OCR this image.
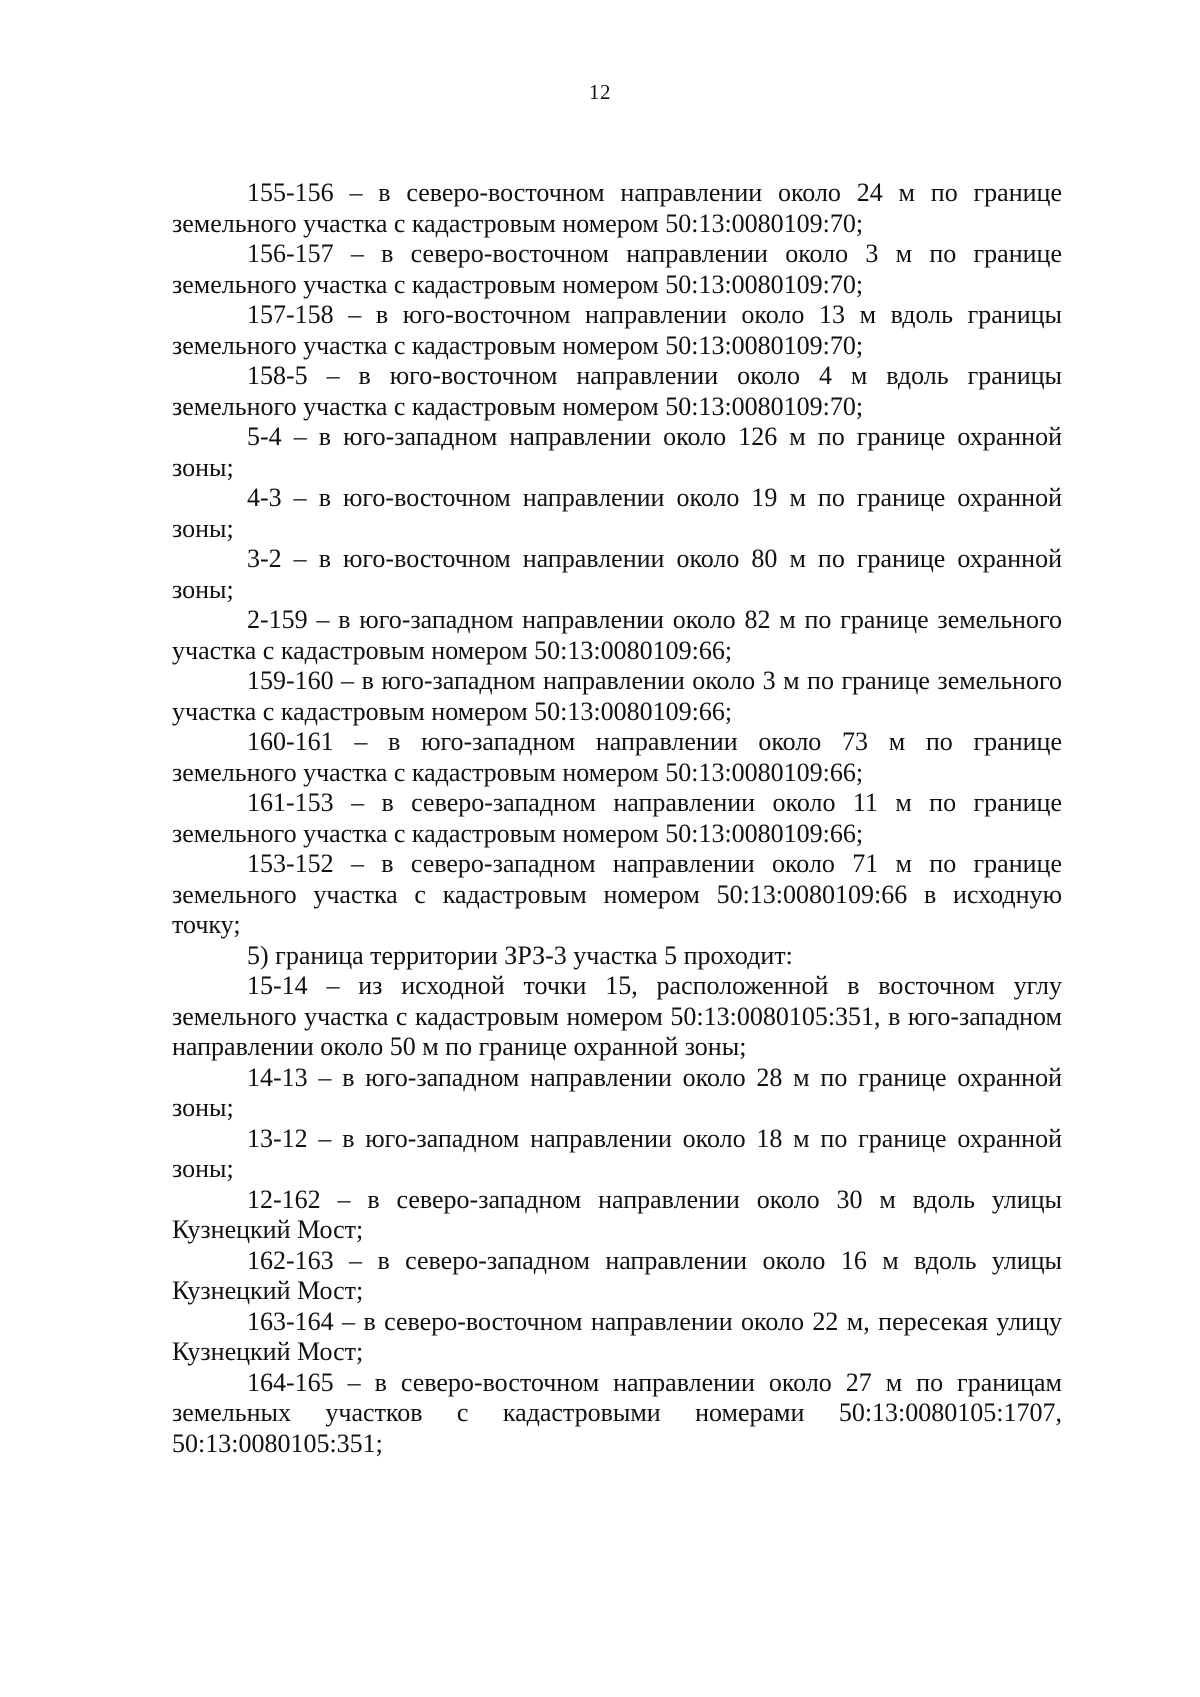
12

155-156 – в северо-восточном направлении около 24 м по границе земельного участка с кадастровым номером 50:13:0080109:70;

156-157 – в северо-восточном направлении около 3 м по границе земельного участка с кадастровым номером 50:13:0080109:70;

157-158 – в юго-восточном направлении около 13 м вдоль границы земельного участка с кадастровым номером 50:13:0080109:70;

158-5 – в юго-восточном направлении около 4 м вдоль границы земельного участка с кадастровым номером 50:13:0080109:70;

5-4 – в юго-западном направлении около 126 м по границе охранной зоны;

4-3 – в юго-восточном направлении около 19 м по границе охранной зоны;

3-2 – в юго-восточном направлении около 80 м по границе охранной зоны;

2-159 – в юго-западном направлении около 82 м по границе земельного участка с кадастровым номером 50:13:0080109:66;

159-160 – в юго-западном направлении около 3 м по границе земельного участка с кадастровым номером 50:13:0080109:66;

160-161 – в юго-западном направлении около 73 м по границе земельного участка с кадастровым номером 50:13:0080109:66;

161-153 – в северо-западном направлении около 11 м по границе земельного участка с кадастровым номером 50:13:0080109:66;

153-152 – в северо-западном направлении около 71 м по границе земельного участка с кадастровым номером 50:13:0080109:66 в исходную точку;

5) граница территории ЗРЗ-3 участка 5 проходит:

15-14 – из исходной точки 15, расположенной в восточном углу земельного участка с кадастровым номером 50:13:0080105:351, в юго-западном направлении около 50 м по границе охранной зоны;

14-13 – в юго-западном направлении около 28 м по границе охранной зоны;

13-12 – в юго-западном направлении около 18 м по границе охранной зоны;

12-162 – в северо-западном направлении около 30 м вдоль улицы Кузнецкий Мост;

162-163 – в северо-западном направлении около 16 м вдоль улицы Кузнецкий Мост;

163-164 – в северо-восточном направлении около 22 м, пересекая улицу Кузнецкий Мост;

164-165 – в северо-восточном направлении около 27 м по границам земельных участков с кадастровыми номерами 50:13:0080105:1707, 50:13:0080105:351;
